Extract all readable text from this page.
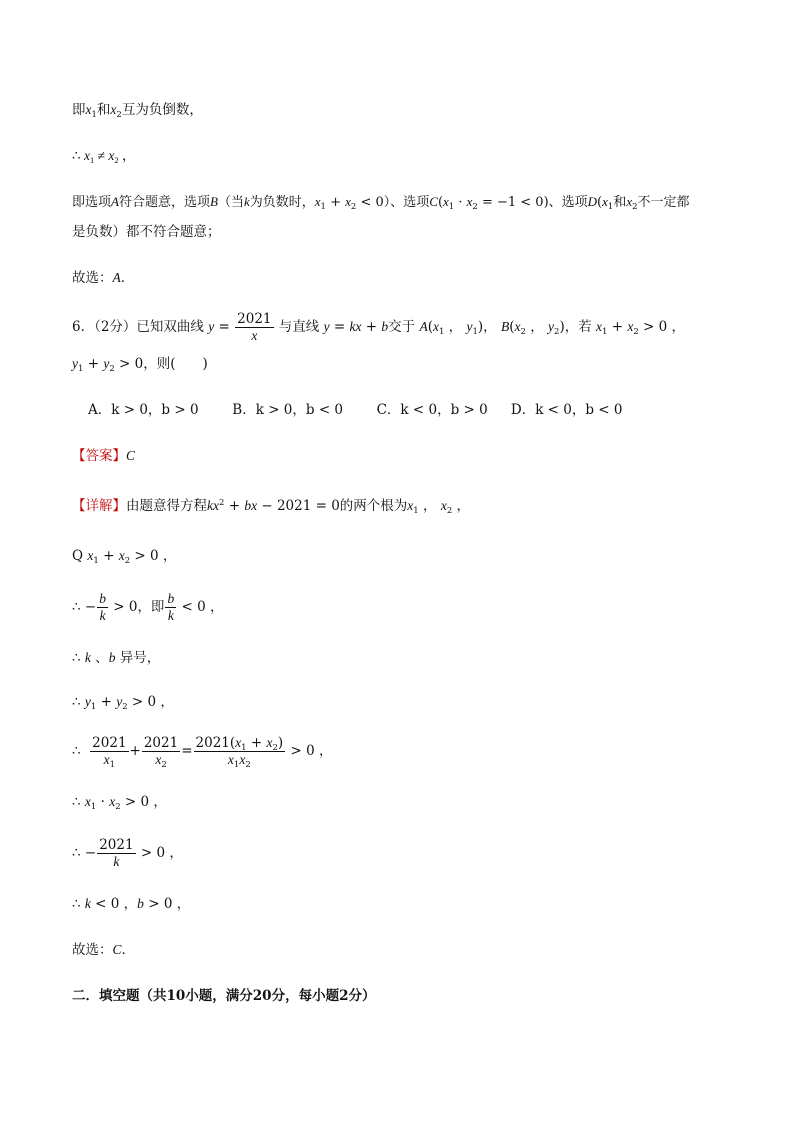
即$x_1$和$x_2$互为负倒数，
∴ $x_1 \ne x_2$ ，
即选项A符合题意，选项B（当k为负数时，$x_1 + x_2 < 0$）、选项$C(x_1 \cdot x_2 = -1 < 0)$、选项$D(x_1$和$x_2$不一定都
是负数）都不符合题意；
故选：A．
6．（2分）已知双曲线 $y = \frac{2021}{x}$ 与直线 y = kx + b交于 $A(x_1$ ， $y_1$)， $B(x_2$ ， $y_2$)，若 $x_1 + x_2 > 0$ ，
$y_1 + y_2 > 0$，则(　　)
A．k > 0，b > 0	B．k > 0，b < 0 C．k < 0，b > 0 D．k < 0，b < 0
【答案】C
【详解】由题意得方程$kx^2$ + bx − 2021 = 0的两个根为$x_1$ ， $x_2$ ，
Q $x_1 + x_2 > 0$ ，
∴ − $\frac{b}{k} > 0$，即 $\frac{b}{k} < 0$ ，
∴ k 、b 异号，
∴ $y_1 + y_2 > 0$ ，
∴ $\frac{2021}{x_1} + \frac{2021}{x_2} = \frac{2021(x_1 + x_2)}{x_1x_2} > 0$ ，
∴ $x_1 \cdot x_2 > 0$ ，
∴ − $\frac{2021}{k} > 0$ ，
∴ k < 0 ，b > 0 ，
故选：C．
二．填空题（共10小题，满分20分，每小题2分）
